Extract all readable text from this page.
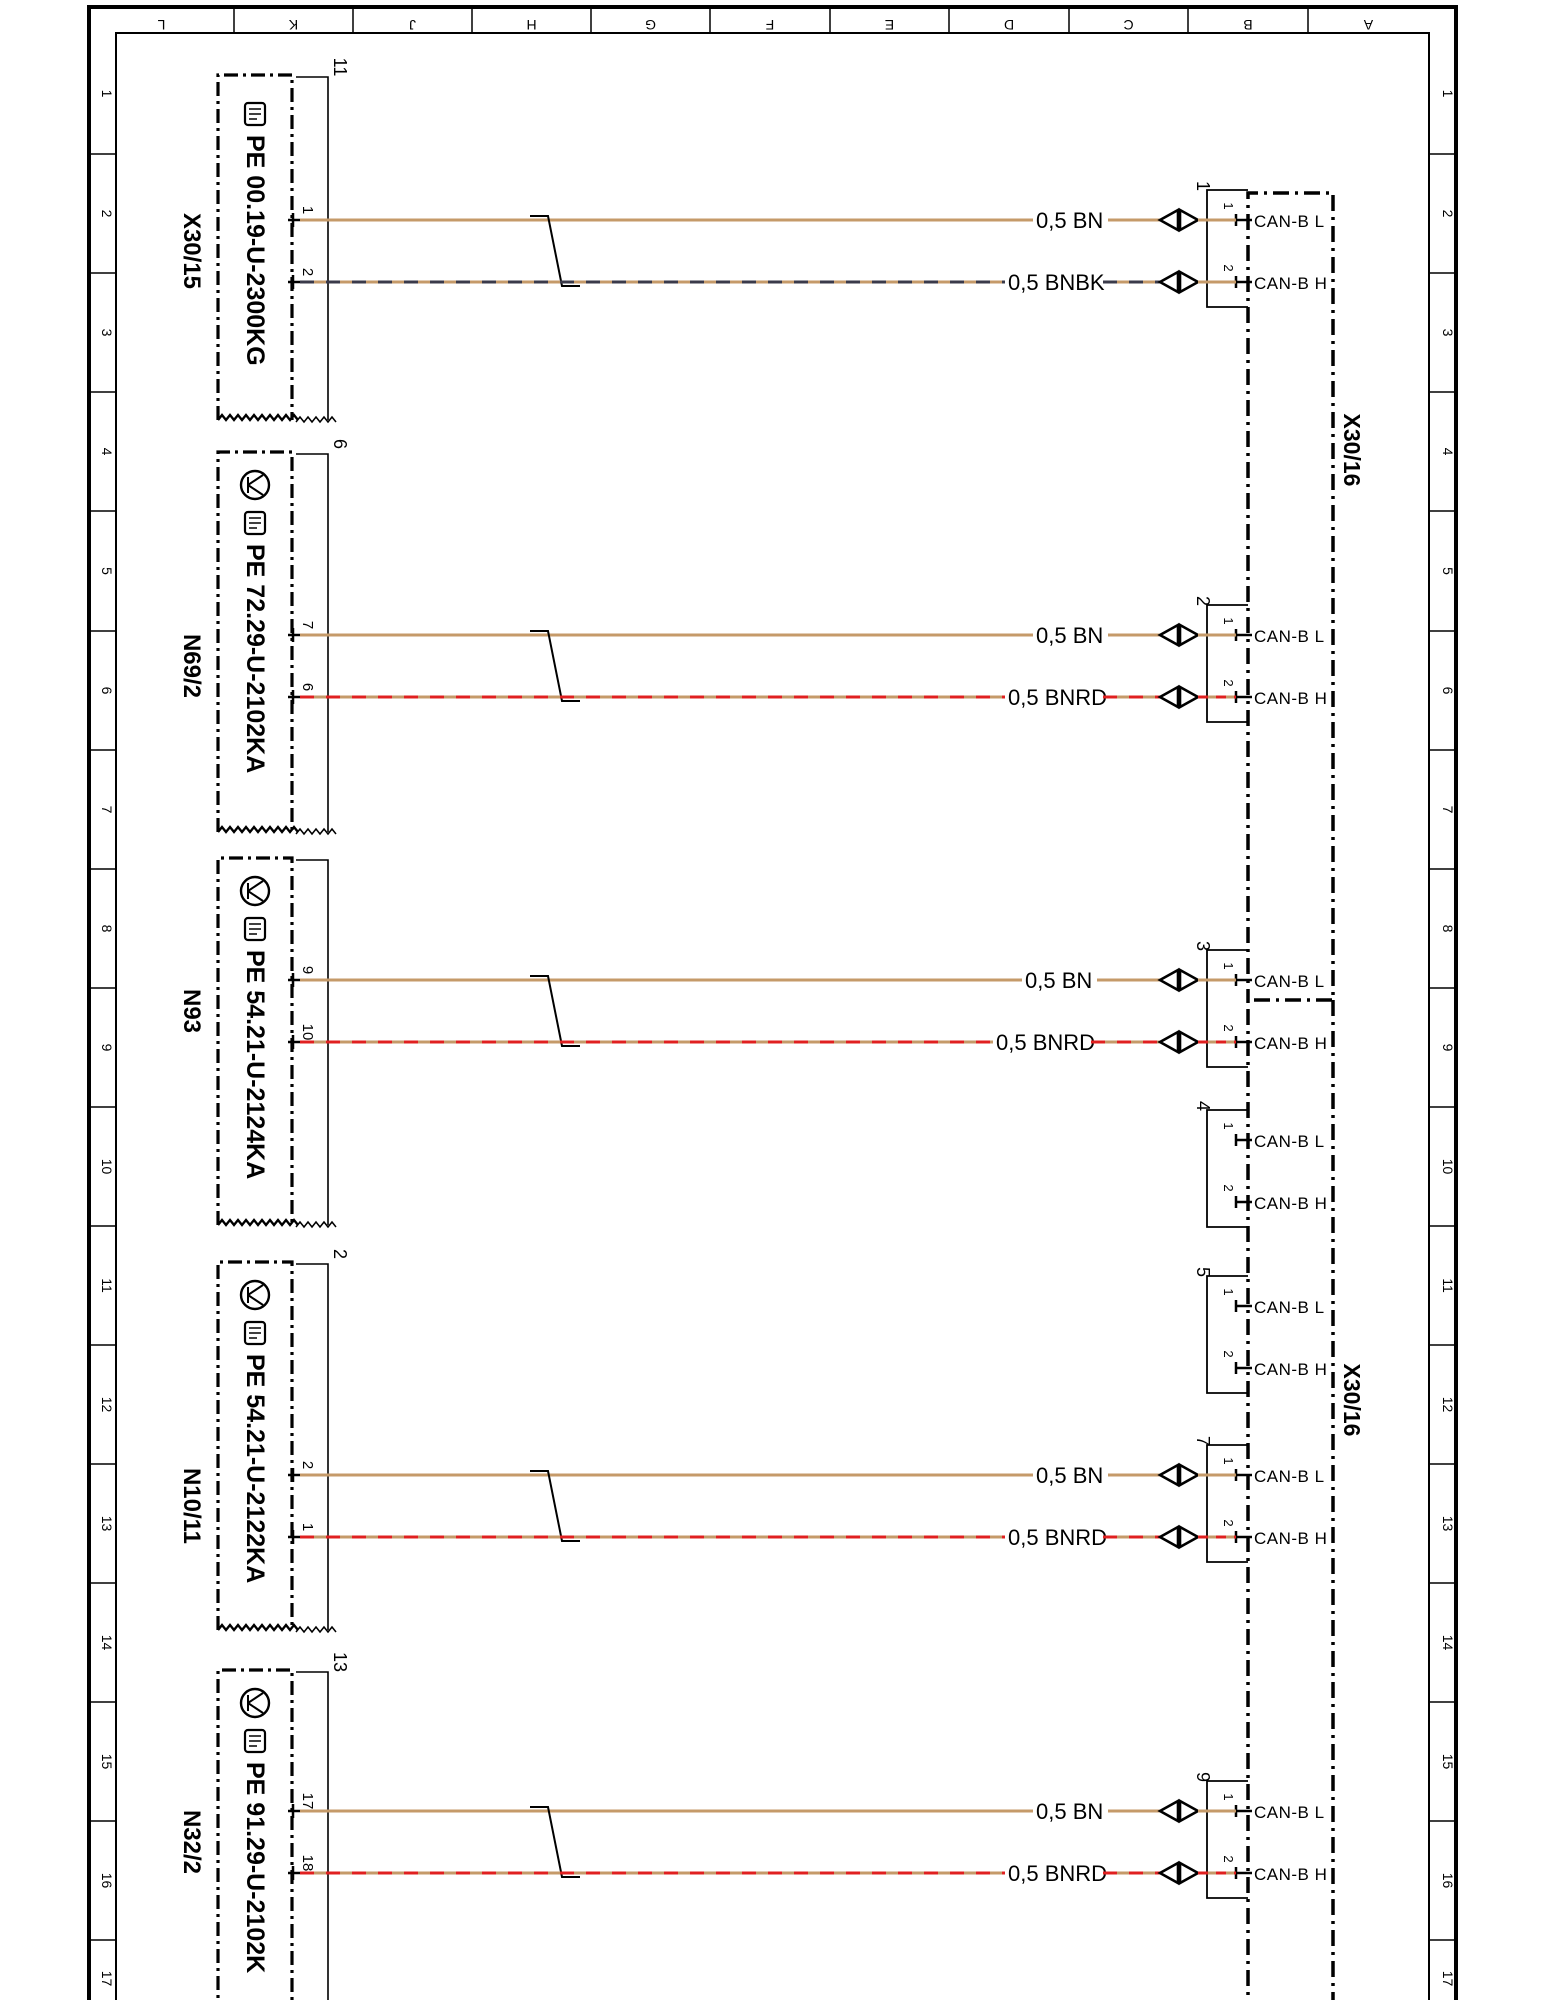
L	K	J	H	G	F	E	D	C	B	A
1	1
2	2
3	3
4	4
5	5
6	6
7	7
8	8
9	9
10	10
11	11
12	12
13	13
14	14
15	15
16	16
17	17
X30/16
X30/16
1
1
CAN-B L
2
CAN-B H
2
1
CAN-B L
2
CAN-B H
3
1
CAN-B L
2
CAN-B H
4
1
CAN-B L
2
CAN-B H
5
1
CAN-B L
2
CAN-B H
7
1
CAN-B L
2
CAN-B H
9
1
CAN-B L
2
CAN-B H
11
X30/15 PE 00.19-U-2300KG 1
2
6
N69/2 PE 72.29-U-2102KA 7
6
N93 PE 54.21-U-2124KA 9
10
2
N10/11 PE 54.21-U-2122KA 2
1
13
N32/2 PE 91.29-U-2102K 17
18
0,5 BN
0,5 BNBK
0,5 BN
0,5 BNRD
0,5 BN
0,5 BNRD
0,5 BN
0,5 BNRD
0,5 BN
0,5 BNRD
